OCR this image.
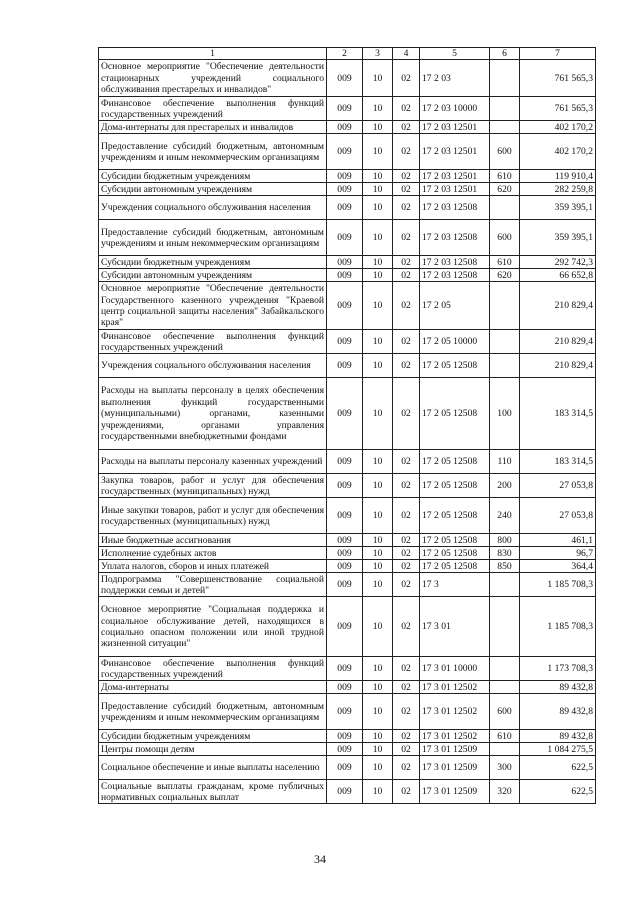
1	2	3	4	5	6	7
Основное мероприятие "Обеспечение деятельности стационарных учреждений социального обслуживания престарелых и инвалидов"	009	10	02	17 2 03		761 565,3
Финансовое обеспечение выполнения функций государственных учреждений	009	10	02	17 2 03 10000		761 565,3
Дома-интернаты для престарелых и инвалидов	009	10	02	17 2 03 12501		402 170,2
Предоставление субсидий бюджетным, автономным учреждениям и иным некоммерческим организациям	009	10	02	17 2 03 12501	600	402 170,2
Субсидии бюджетным учреждениям	009	10	02	17 2 03 12501	610	119 910,4
Субсидии автономным учреждениям	009	10	02	17 2 03 12501	620	282 259,8
Учреждения социального обслуживания населения	009	10	02	17 2 03 12508		359 395,1
Предоставление субсидий бюджетным, автономным учреждениям и иным некоммерческим организациям	009	10	02	17 2 03 12508	600	359 395,1
Субсидии бюджетным учреждениям	009	10	02	17 2 03 12508	610	292 742,3
Субсидии автономным учреждениям	009	10	02	17 2 03 12508	620	66 652,8
Основное мероприятие "Обеспечение деятельности Государственного казенного учреждения "Краевой центр социальной защиты населения" Забайкальского края"	009	10	02	17 2 05		210 829,4
Финансовое обеспечение выполнения функций государственных учреждений	009	10	02	17 2 05 10000		210 829,4
Учреждения социального обслуживания населения	009	10	02	17 2 05 12508		210 829,4
Расходы на выплаты персоналу в целях обеспечения выполнения функций государственными (муниципальными) органами, казенными учреждениями, органами управления государственными внебюджетными фондами	009	10	02	17 2 05 12508	100	183 314,5
Расходы на выплаты персоналу казенных учреждений	009	10	02	17 2 05 12508	110	183 314,5
Закупка товаров, работ и услуг для обеспечения государственных (муниципальных) нужд	009	10	02	17 2 05 12508	200	27 053,8
Иные закупки товаров, работ и услуг для обеспечения государственных (муниципальных) нужд	009	10	02	17 2 05 12508	240	27 053,8
Иные бюджетные ассигнования	009	10	02	17 2 05 12508	800	461,1
Исполнение судебных актов	009	10	02	17 2 05 12508	830	96,7
Уплата налогов, сборов и иных платежей	009	10	02	17 2 05 12508	850	364,4
Подпрограмма "Совершенствование социальной поддержки семьи и детей"	009	10	02	17 3		1 185 708,3
Основное мероприятие "Социальная поддержка и социальное обслуживание детей, находящихся в социально опасном положении или иной трудной жизненной ситуации"	009	10	02	17 3 01		1 185 708,3
Финансовое обеспечение выполнения функций государственных учреждений	009	10	02	17 3 01 10000		1 173 708,3
Дома-интернаты	009	10	02	17 3 01 12502		89 432,8
Предоставление субсидий бюджетным, автономным учреждениям и иным некоммерческим организациям	009	10	02	17 3 01 12502	600	89 432,8
Субсидии бюджетным учреждениям	009	10	02	17 3 01 12502	610	89 432,8
Центры помощи детям	009	10	02	17 3 01 12509		1 084 275,5
Социальное обеспечение и иные выплаты населению	009	10	02	17 3 01 12509	300	622,5
Социальные выплаты гражданам, кроме публичных нормативных социальных выплат	009	10	02	17 3 01 12509	320	622,5
34
